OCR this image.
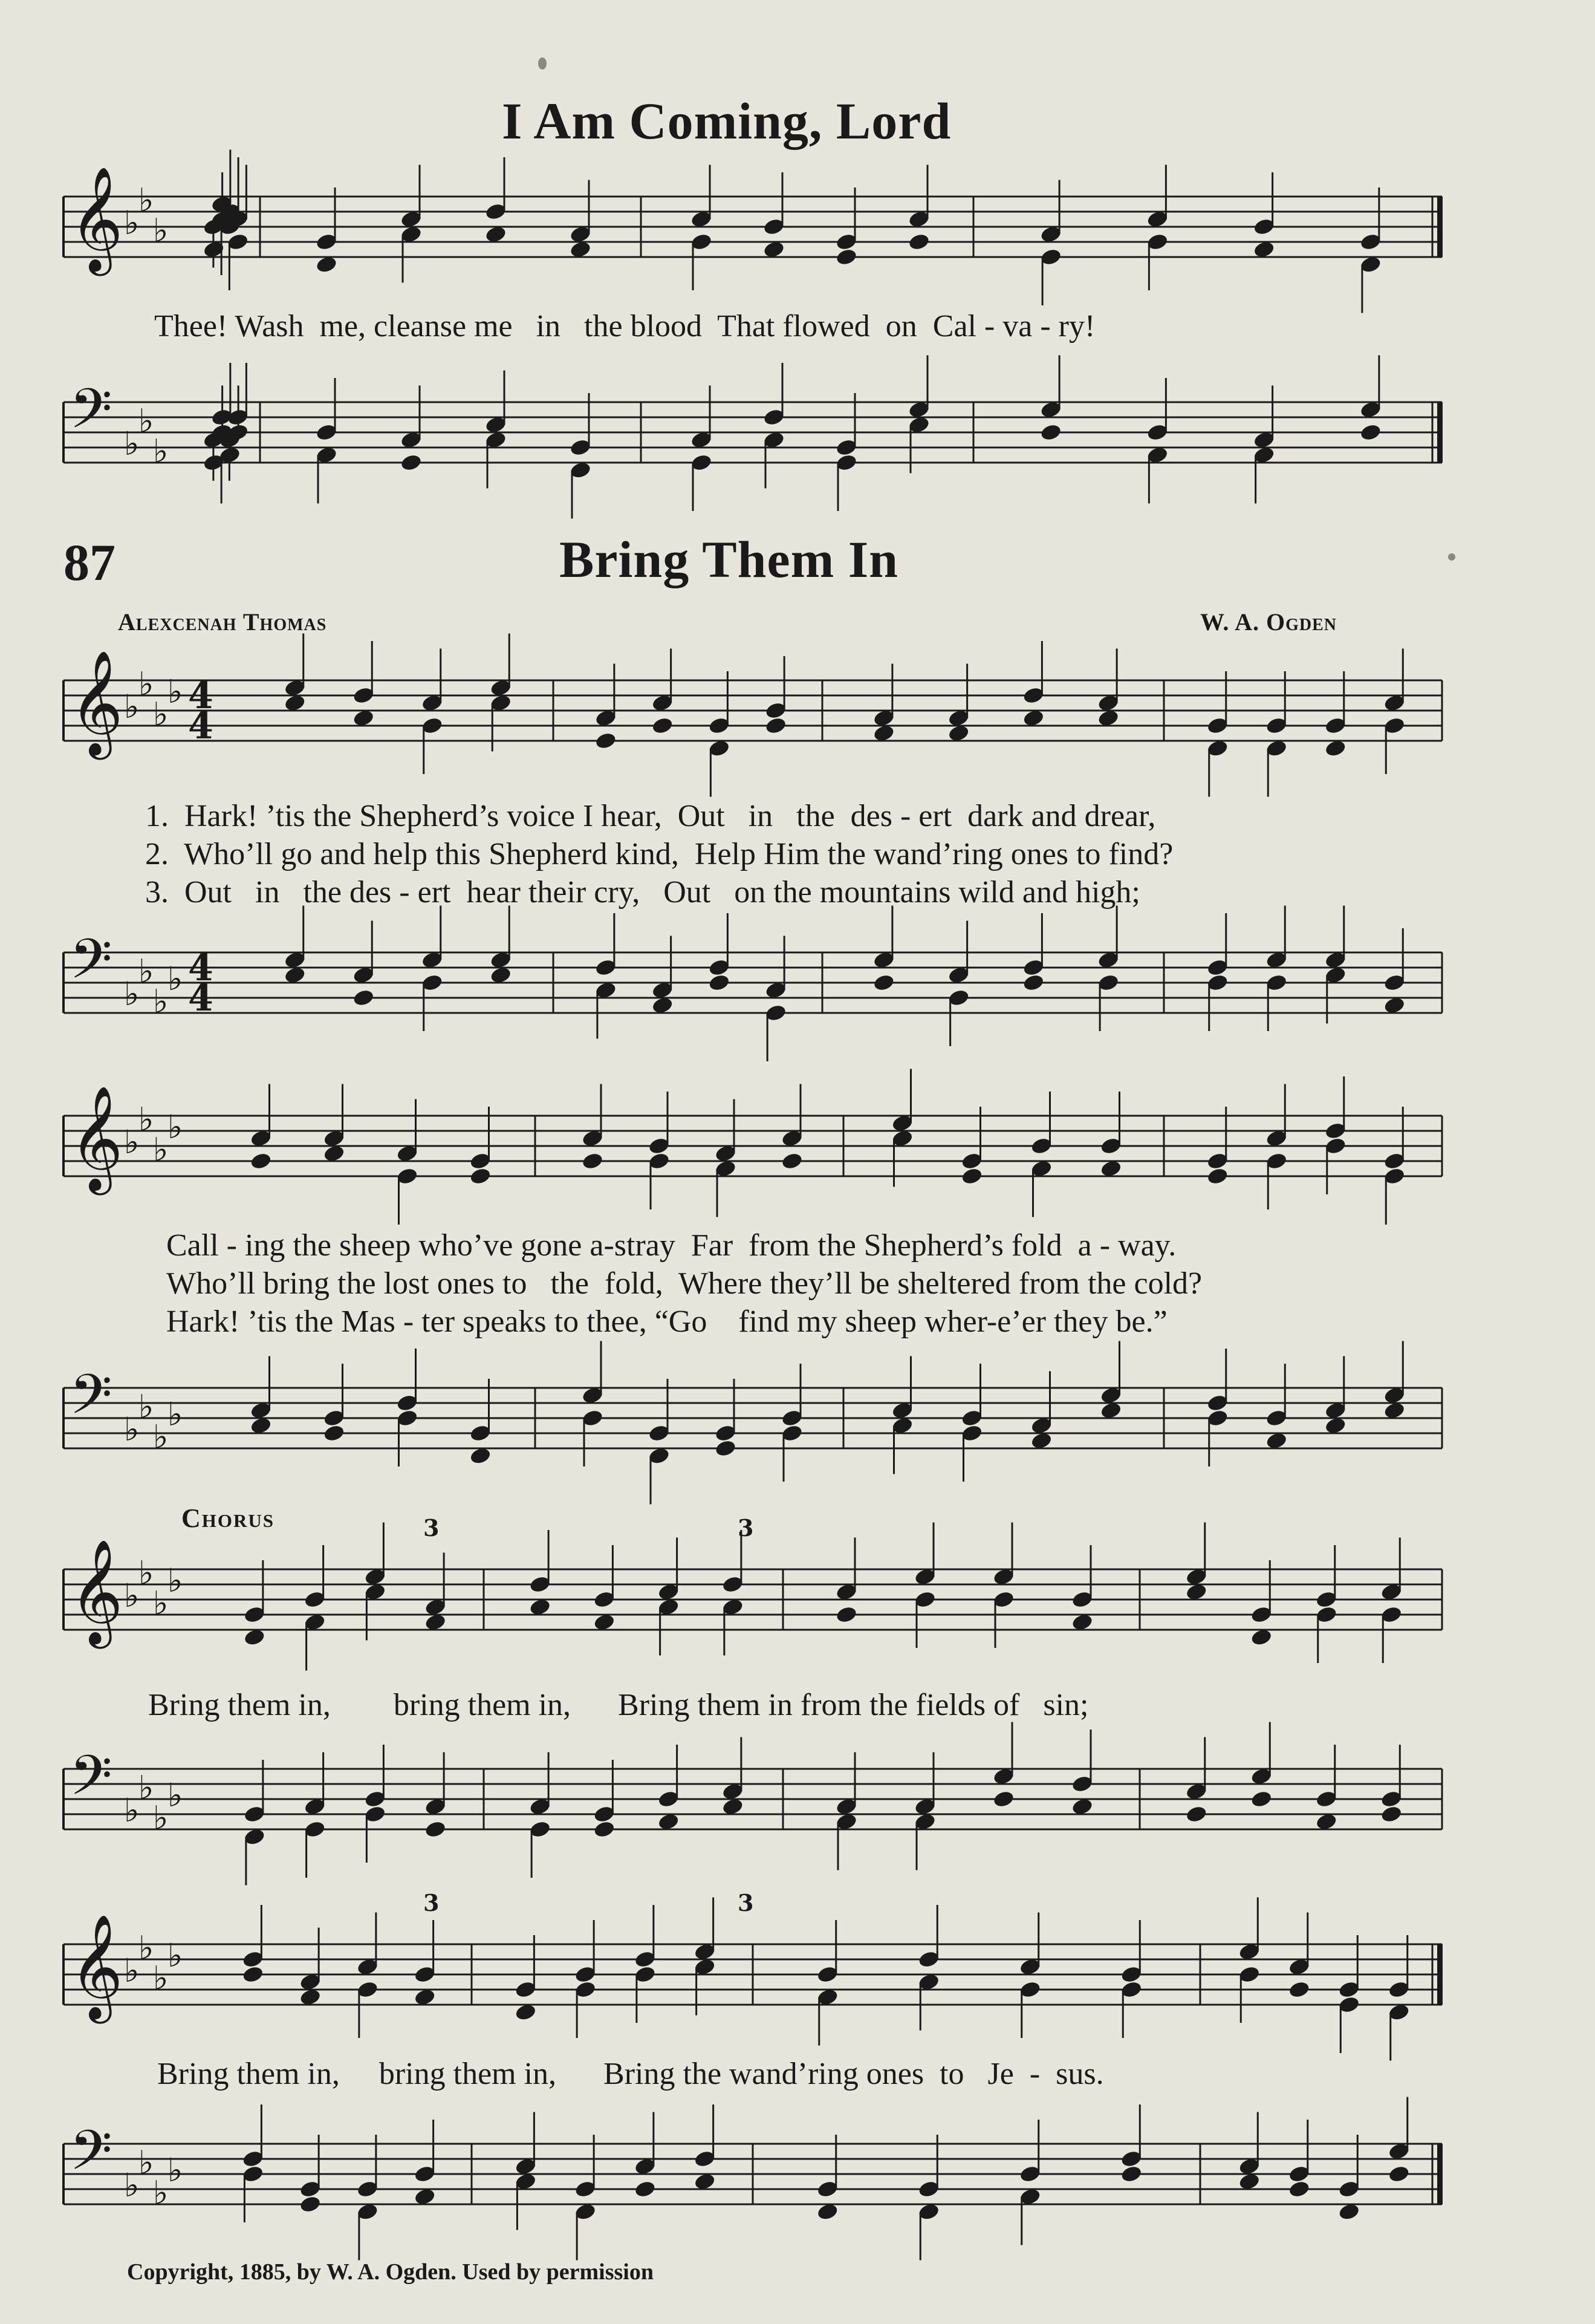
I Am Coming, Lord
𝄞 ♭
♭
♭
Thee! Wash  me, cleanse me   in   the blood  That flowed  on  Cal - va - ry!
𝄢 ♭
♭
♭
87	Bring Them In
Alexcenah Thomas	W. A. Ogden
𝄞 ♭
♭
♭
♭ 4
4
1.  Hark! ’tis the Shepherd’s voice I hear,  Out   in   the  des - ert  dark and drear,
2.  Who’ll go and help this Shepherd kind,  Help Him the wand’ring ones to find?
3.  Out   in   the des - ert  hear their cry,   Out   on the mountains wild and high;
𝄢 ♭
♭
♭
♭ 4
4
𝄞 ♭
♭
♭
♭
Call - ing the sheep who’ve gone a-stray  Far  from the Shepherd’s fold  a - way.
Who’ll bring the lost ones to   the  fold,  Where they’ll be sheltered from the cold?
Hark! ’tis the Mas - ter speaks to thee, “Go    find my sheep wher-e’er they be.”
𝄢 ♭
♭
♭
♭
Chorus
𝄞 ♭
♭
♭
♭
3	3
Bring them in,        bring them in,      Bring them in from the fields of   sin;
𝄢 ♭
♭
♭
♭
𝄞 ♭
♭
♭
♭
3	3
Bring them in,     bring them in,      Bring the wand’ring ones  to   Je  -  sus.
𝄢 ♭
♭
♭
♭
Copyright, 1885, by W. A. Ogden. Used by permission
